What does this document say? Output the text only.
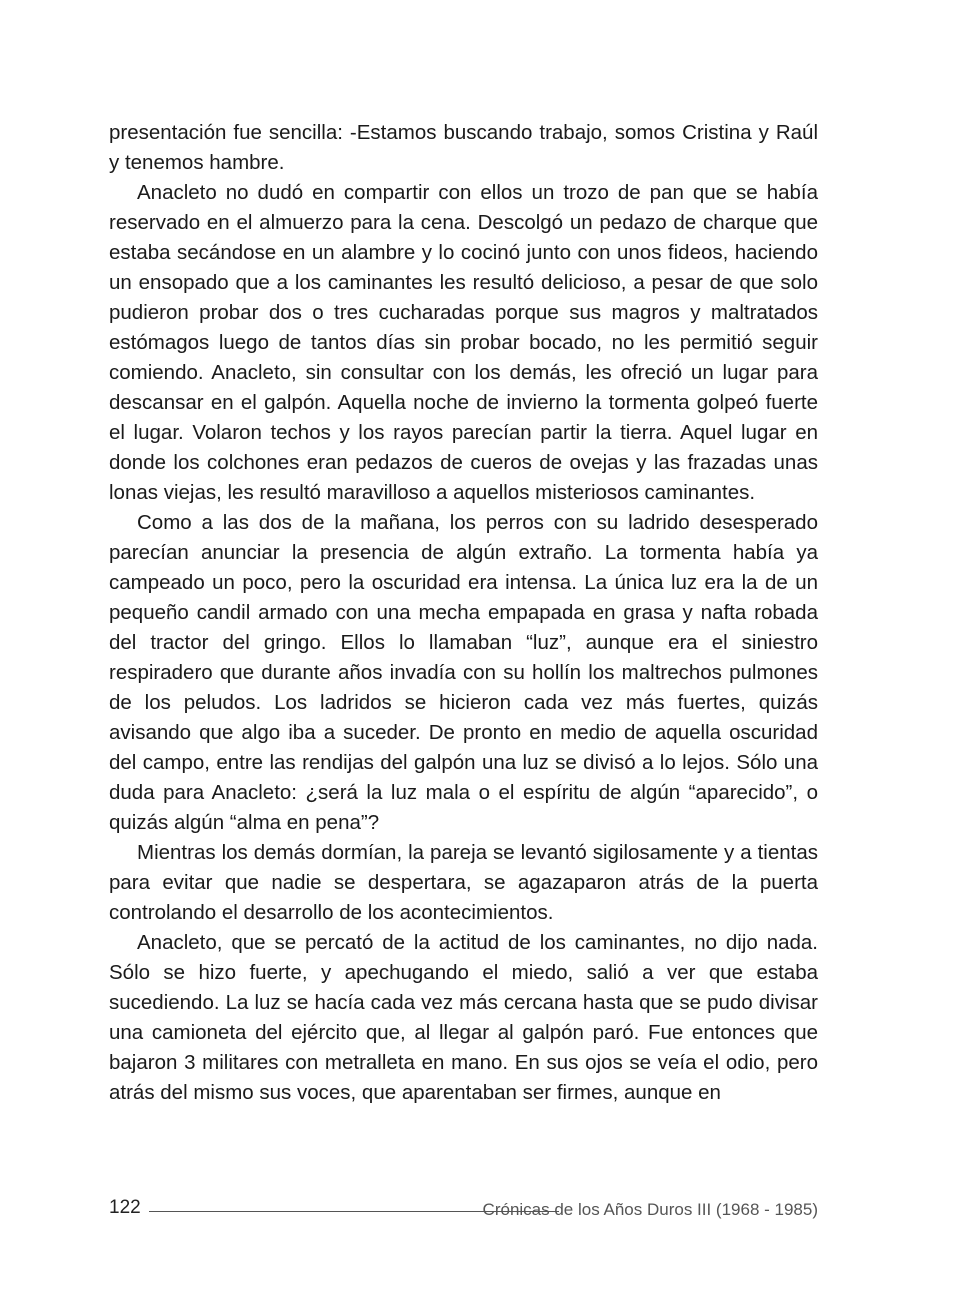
presentación fue sencilla: -Estamos buscando trabajo, somos Cristina y Raúl y tenemos hambre.

Anacleto no dudó en compartir con ellos un trozo de pan que se había reservado en el almuerzo para la cena. Descolgó un pedazo de charque que estaba secándose en un alambre y lo cocinó junto con unos fideos, haciendo un ensopado que a los caminantes les resultó delicioso, a pesar de que solo pudieron probar dos o tres cucharadas porque sus magros y maltratados estómagos luego de tantos días sin probar bocado, no les permitió seguir comiendo. Anacleto, sin consultar con los demás, les ofreció un lugar para descansar en el galpón. Aquella noche de invierno la tormenta golpeó fuerte el lugar. Volaron techos y los rayos parecían partir la tierra. Aquel lugar en donde los colchones eran pedazos de cueros de ovejas y las frazadas unas lonas viejas, les resultó maravilloso a aquellos misteriosos caminantes.

Como a las dos de la mañana, los perros con su ladrido desesperado parecían anunciar la presencia de algún extraño. La tormenta había ya campeado un poco, pero la oscuridad era intensa. La única luz era la de un pequeño candil armado con una mecha empapada en grasa y nafta robada del tractor del gringo. Ellos lo llamaban “luz”, aunque era el siniestro respiradero que durante años invadía con su hollín los maltrechos pulmones de los peludos. Los ladridos se hicieron cada vez más fuertes, quizás avisando que algo iba a suceder. De pronto en medio de aquella oscuridad del campo, entre las rendijas del galpón una luz se divisó a lo lejos. Sólo una duda para Anacleto: ¿será la luz mala o el espíritu de algún “aparecido”, o quizás algún “alma en pena”?

Mientras los demás dormían, la pareja se levantó sigilosamente y a tientas para evitar que nadie se despertara, se agazaparon atrás de la puerta controlando el desarrollo de los acontecimientos.

Anacleto, que se percató de la actitud de los caminantes, no dijo nada. Sólo se hizo fuerte, y apechugando el miedo, salió a ver que estaba sucediendo. La luz se hacía cada vez más cercana hasta que se pudo divisar una camioneta del ejército que, al llegar al galpón paró. Fue entonces que bajaron 3 militares con metralleta en mano. En sus ojos se veía el odio, pero atrás del mismo sus voces, que aparentaban ser firmes, aunque en

122	Crónicas de los Años Duros III (1968 - 1985)
